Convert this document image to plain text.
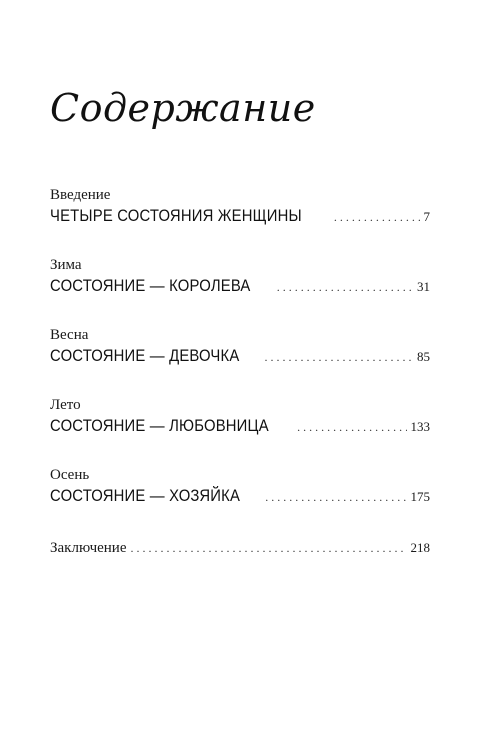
Содержание
Введение
ЧЕТЫРЕ СОСТОЯНИЯ ЖЕНЩИНЫ . . .	7
Зима
СОСТОЯНИЕ — КОРОЛЕВА . . .	31
Весна
СОСТОЯНИЕ — ДЕВОЧКА . . .	85
Лето
СОСТОЯНИЕ — ЛЮБОВНИЦА . . .	133
Осень
СОСТОЯНИЕ — ХОЗЯЙКА . . .	175
Заключение . . .	218
